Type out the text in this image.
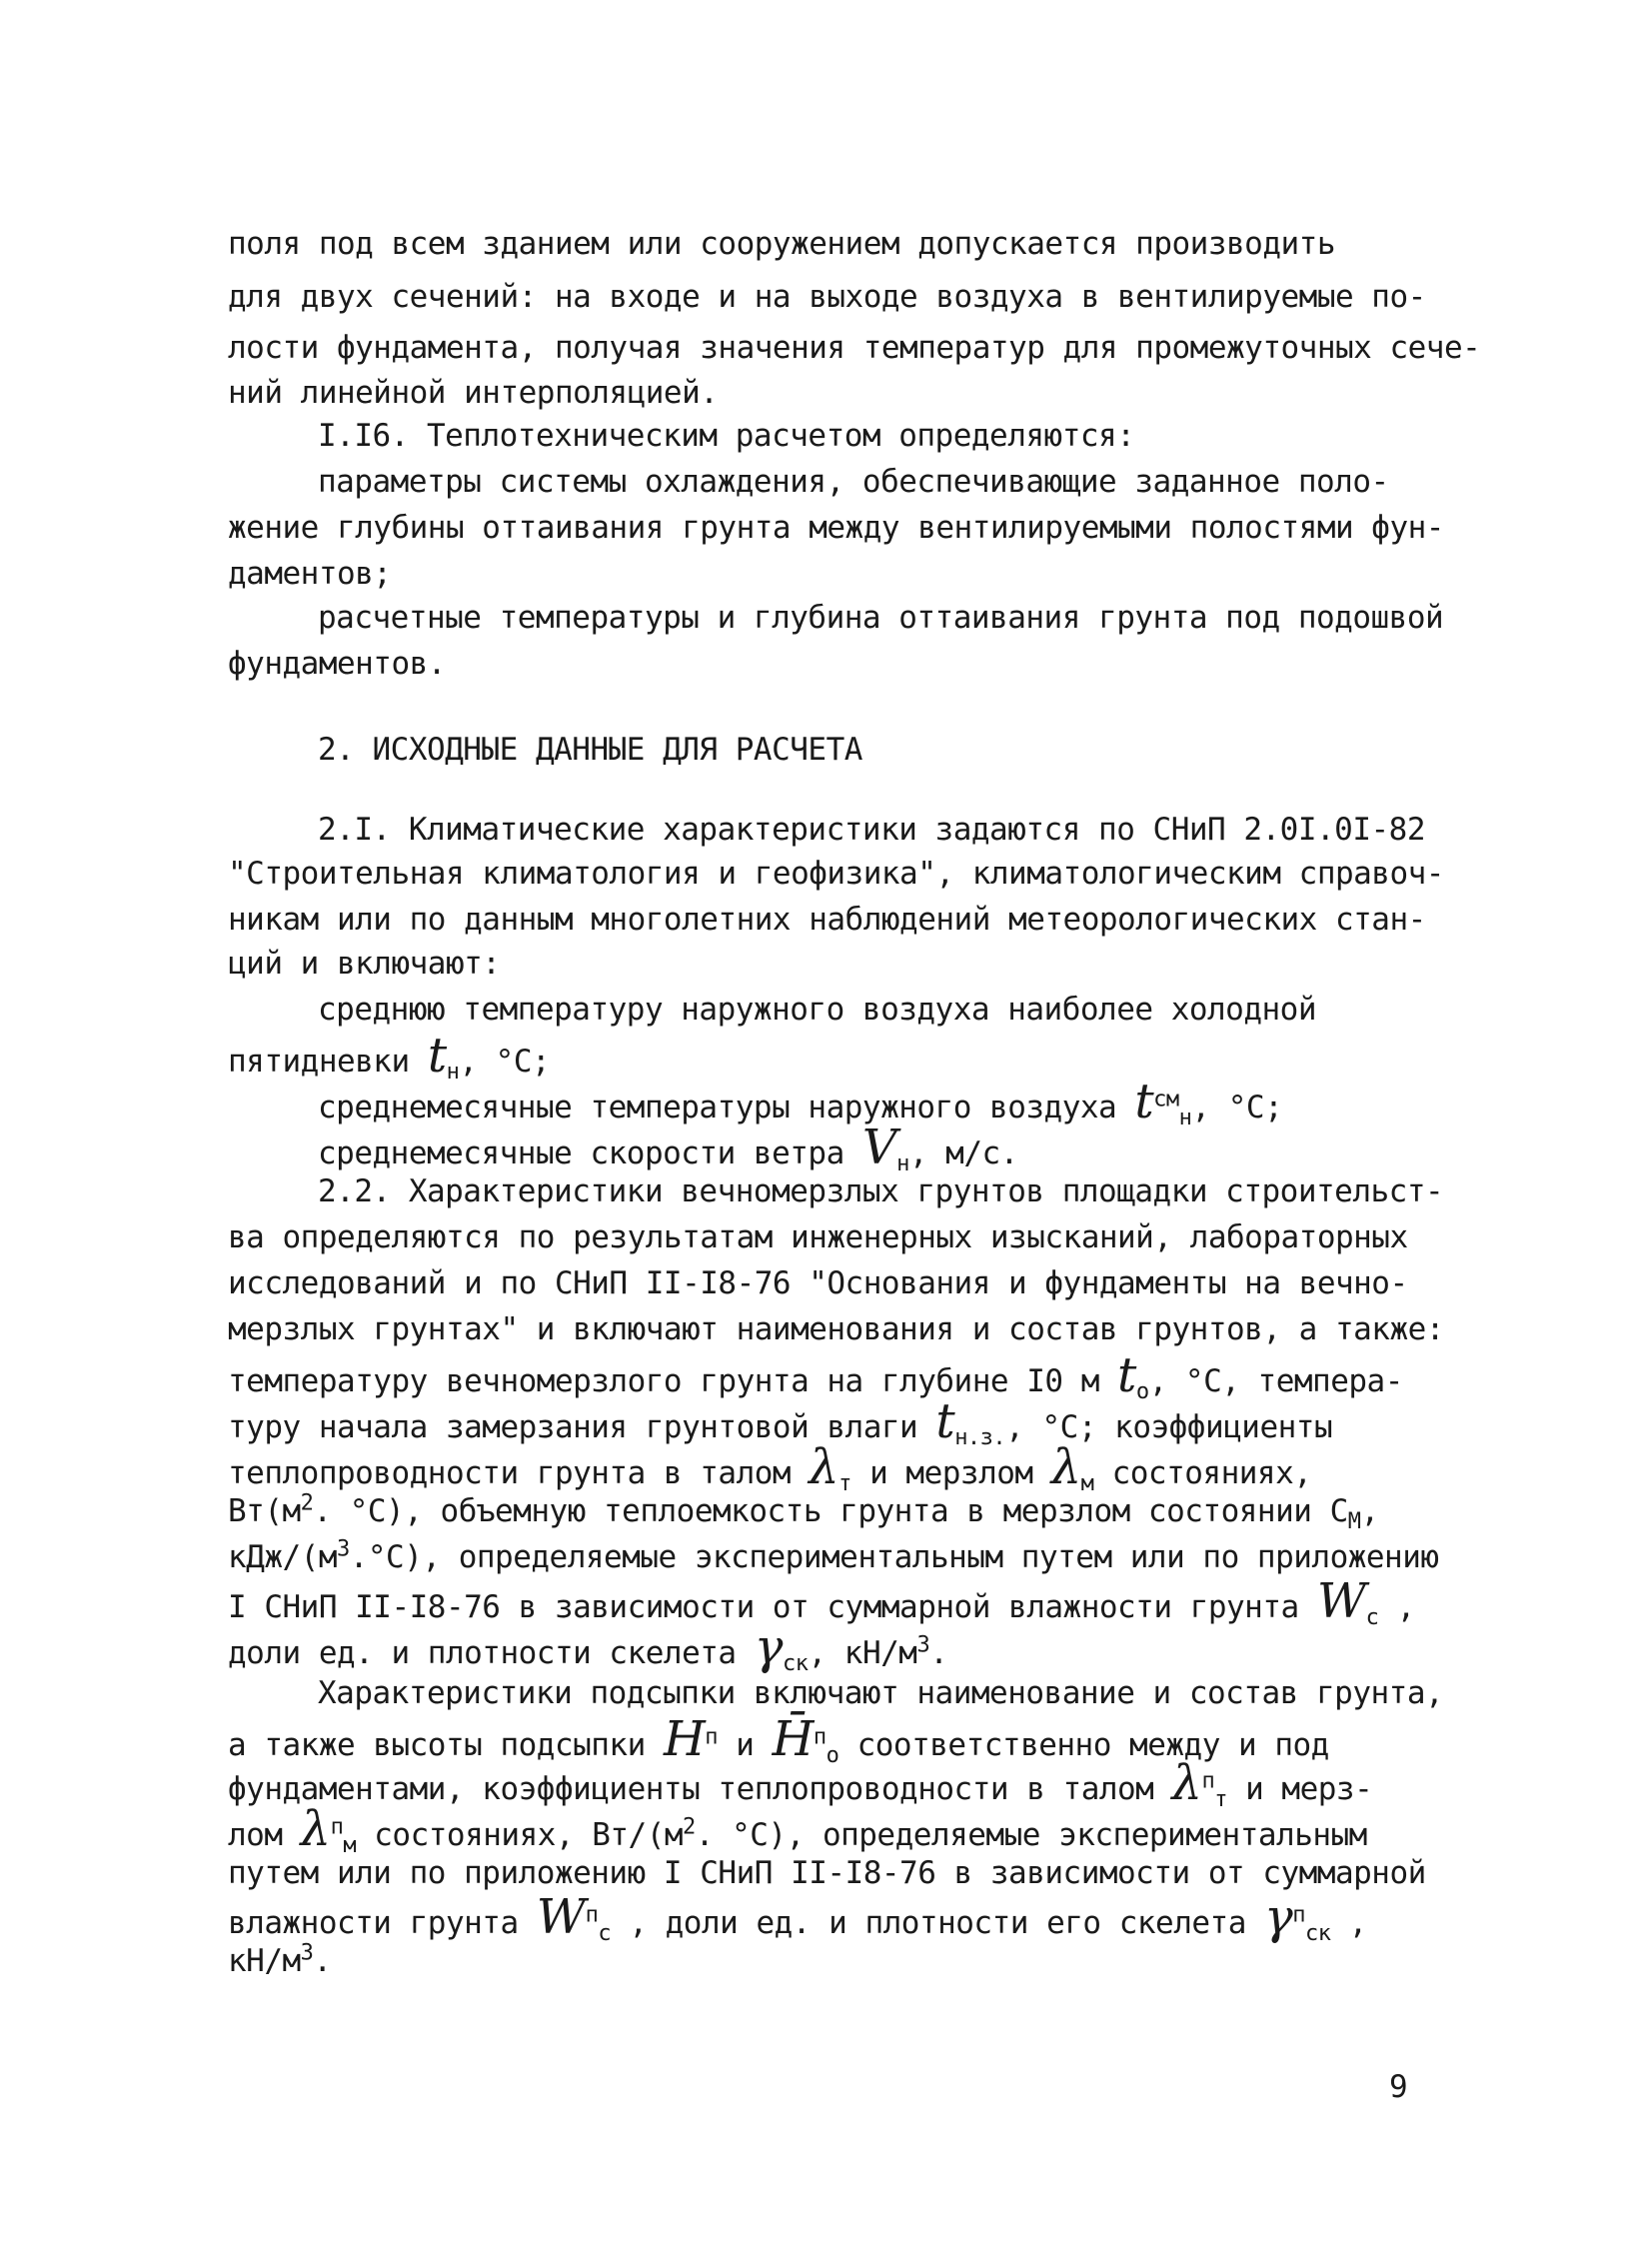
поля под всем зданием или сооружением допускается производить
для двух сечений: на входе и на выходе воздуха в вентилируемые по-
лости фундамента, получая значения температур для промежуточных сече-
ний линейной интерполяцией.
I.I6. Теплотехническим расчетом определяются:
параметры системы охлаждения, обеспечивающие заданное поло-
жение глубины оттаивания грунта между вентилируемыми полостями фун-
даментов;
расчетные температуры и глубина оттаивания грунта под подошвой
фундаментов.
2. ИСХОДНЫЕ ДАННЫЕ ДЛЯ РАСЧЕТА
2.I. Климатические характеристики задаются по СНиП 2.0I.0I-82
"Строительная климатология и геофизика", климатологическим справоч-
никам или по данным многолетних наблюдений метеорологических стан-
ций и включают:
среднюю температуру наружного воздуха наиболее холодной
пятидневки $t_н$, °C;
среднемесячные температуры наружного воздуха $t^{см}_н$, °C;
среднемесячные скорости ветра $V_н$, м/с.
2.2. Характеристики вечномерзлых грунтов площадки строительст-
ва определяются по результатам инженерных изысканий, лабораторных
исследований и по СНиП II-I8-76 "Основания и фундаменты на вечно-
мерзлых грунтах" и включают наименования и состав грунтов, а также:
температуру вечномерзлого грунта на глубине I0 м $t_o$, °C, темпера-
туру начала замерзания грунтовой влаги $t_{н.з.}$, °C; коэффициенты
теплопроводности грунта в талом $\lambda_т$ и мерзлом $\lambda_м$ состояниях,
$Вт(м^2$. °C), объемную теплоемкость грунта в мерзлом состоянии $C_М$,
кДж/$(м^3.^\circ C)$, определяемые экспериментальным путем или по приложению
I СНиП II-I8-76 в зависимости от суммарной влажности грунта $W_c$ ,
доли ед. и плотности скелета $\gamma_{ск}$, $кН/м^3$.
Характеристики подсыпки включают наименование и состав грунта,
а также высоты подсыпки $H^п$ и H̄$^п_o$ соответственно между и под
фундаментами, коэффициенты теплопроводности в талом $\lambda^п_т$ и мерз-
лом $\lambda^п_м$ состояниях, $Вт/(м^2$. °C), определяемые экспериментальным
путем или по приложению I СНиП II-I8-76 в зависимости от суммарной
влажности грунта $W^п_c$ , доли ед. и плотности его скелета $\gamma^п_{ск}$ ,
$кН/м^3$.
9
